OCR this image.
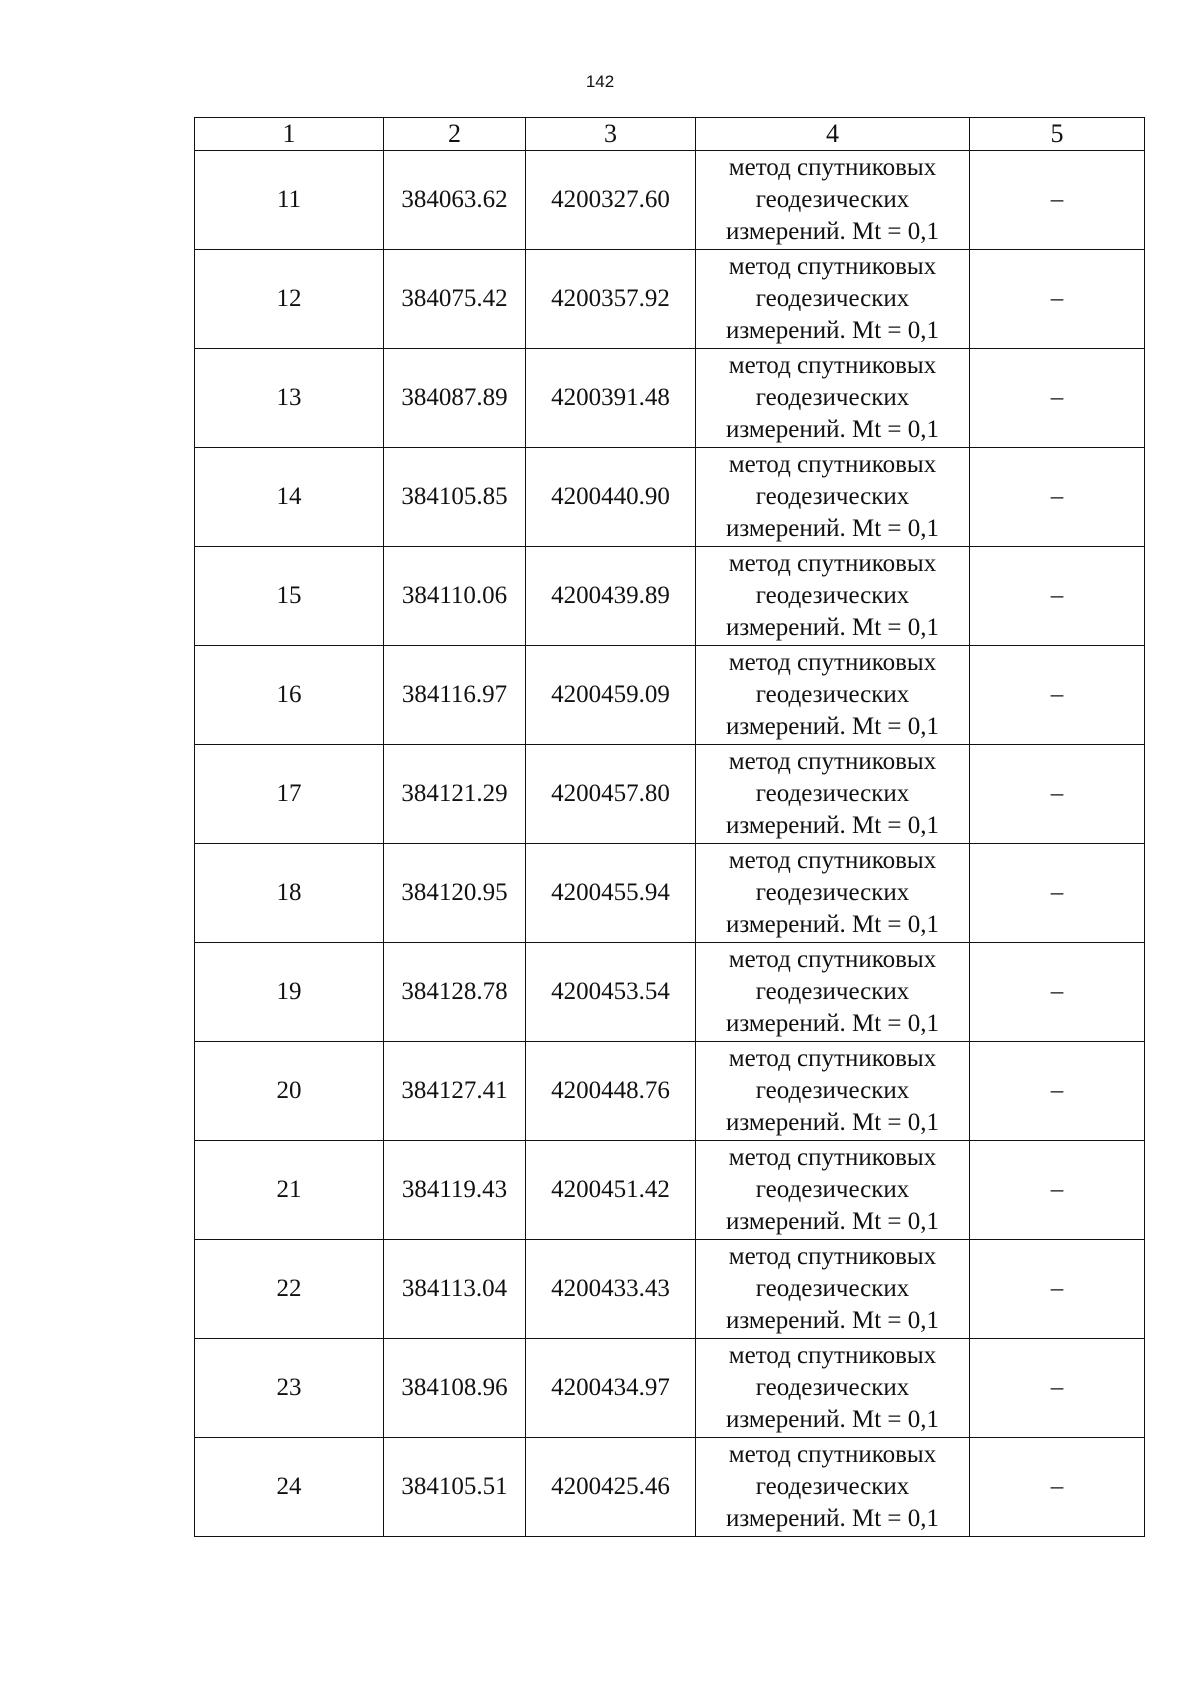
142
1	2	3	4	5
11	384063.62	4200327.60	метод спутниковых
геодезических
измерений. Mt = 0,1	–
12	384075.42	4200357.92	метод спутниковых
геодезических
измерений. Mt = 0,1	–
13	384087.89	4200391.48	метод спутниковых
геодезических
измерений. Mt = 0,1	–
14	384105.85	4200440.90	метод спутниковых
геодезических
измерений. Mt = 0,1	–
15	384110.06	4200439.89	метод спутниковых
геодезических
измерений. Mt = 0,1	–
16	384116.97	4200459.09	метод спутниковых
геодезических
измерений. Mt = 0,1	–
17	384121.29	4200457.80	метод спутниковых
геодезических
измерений. Mt = 0,1	–
18	384120.95	4200455.94	метод спутниковых
геодезических
измерений. Mt = 0,1	–
19	384128.78	4200453.54	метод спутниковых
геодезических
измерений. Mt = 0,1	–
20	384127.41	4200448.76	метод спутниковых
геодезических
измерений. Mt = 0,1	–
21	384119.43	4200451.42	метод спутниковых
геодезических
измерений. Mt = 0,1	–
22	384113.04	4200433.43	метод спутниковых
геодезических
измерений. Mt = 0,1	–
23	384108.96	4200434.97	метод спутниковых
геодезических
измерений. Mt = 0,1	–
24	384105.51	4200425.46	метод спутниковых
геодезических
измерений. Mt = 0,1	–
